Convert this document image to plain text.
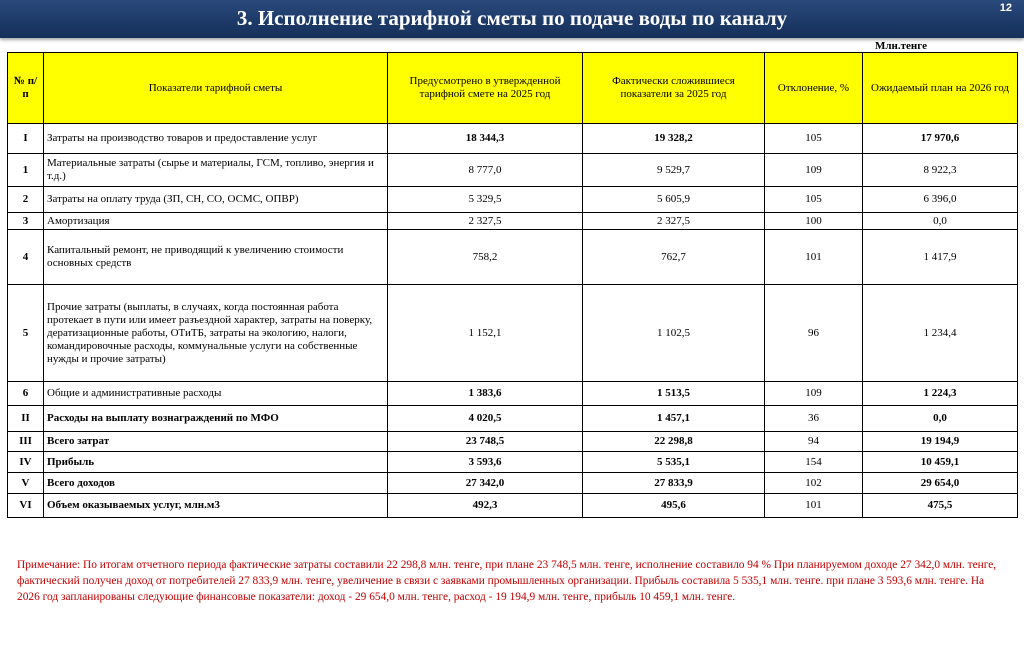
3. Исполнение тарифной сметы по подаче воды по каналу	12
Млн.тенге
№ п/п	Показатели тарифной сметы	Предусмотрено в утвержденной тарифной смете на 2025 год	Фактически сложившиеся показатели за 2025 год	Отклонение, %	Ожидаемый план на 2026 год
I	Затраты на производство товаров и предоставление услуг	18 344,3	19 328,2	105	17 970,6
1	Материальные затраты (сырье и материалы, ГСМ, топливо, энергия и т.д.)	8 777,0	9 529,7	109	8 922,3
2	Затраты на оплату труда (ЗП, СН, СО, ОСМС, ОПВР)	5 329,5	5 605,9	105	6 396,0
3	Амортизация	2 327,5	2 327,5	100	0,0
4	Капитальный ремонт, не приводящий к увеличению стоимости основных средств	758,2	762,7	101	1 417,9
5	Прочие затраты (выплаты, в случаях, когда постоянная работа протекает в пути или имеет разъездной характер, затраты на поверку, дератизационные работы, ОТиТБ, затраты на экологию, налоги, командировочные расходы, коммунальные услуги на собственные нужды и прочие затраты)	1 152,1	1 102,5	96	1 234,4
6	Общие и административные расходы	1 383,6	1 513,5	109	1 224,3
II	Расходы на выплату вознаграждений по МФО	4 020,5	1 457,1	36	0,0
III	Всего затрат	23 748,5	22 298,8	94	19 194,9
IV	Прибыль	3 593,6	5 535,1	154	10 459,1
V	Всего доходов	27 342,0	27 833,9	102	29 654,0
VI	Объем оказываемых услуг, млн.м3	492,3	495,6	101	475,5
Примечание: По итогам отчетного периода фактические затраты составили 22 298,8 млн. тенге, при плане 23 748,5 млн. тенге, исполнение составило 94 % При планируемом доходе 27 342,0 млн. тенге, фактический получен доход от потребителей 27 833,9 млн. тенге, увеличение в связи с заявками промышленных организации. Прибыль составила 5 535,1 млн. тенге. при плане 3 593,6 млн. тенге. На 2026 год запланированы следующие финансовые показатели: доход - 29 654,0 млн. тенге, расход - 19 194,9 млн. тенге, прибыль 10 459,1 млн. тенге.
